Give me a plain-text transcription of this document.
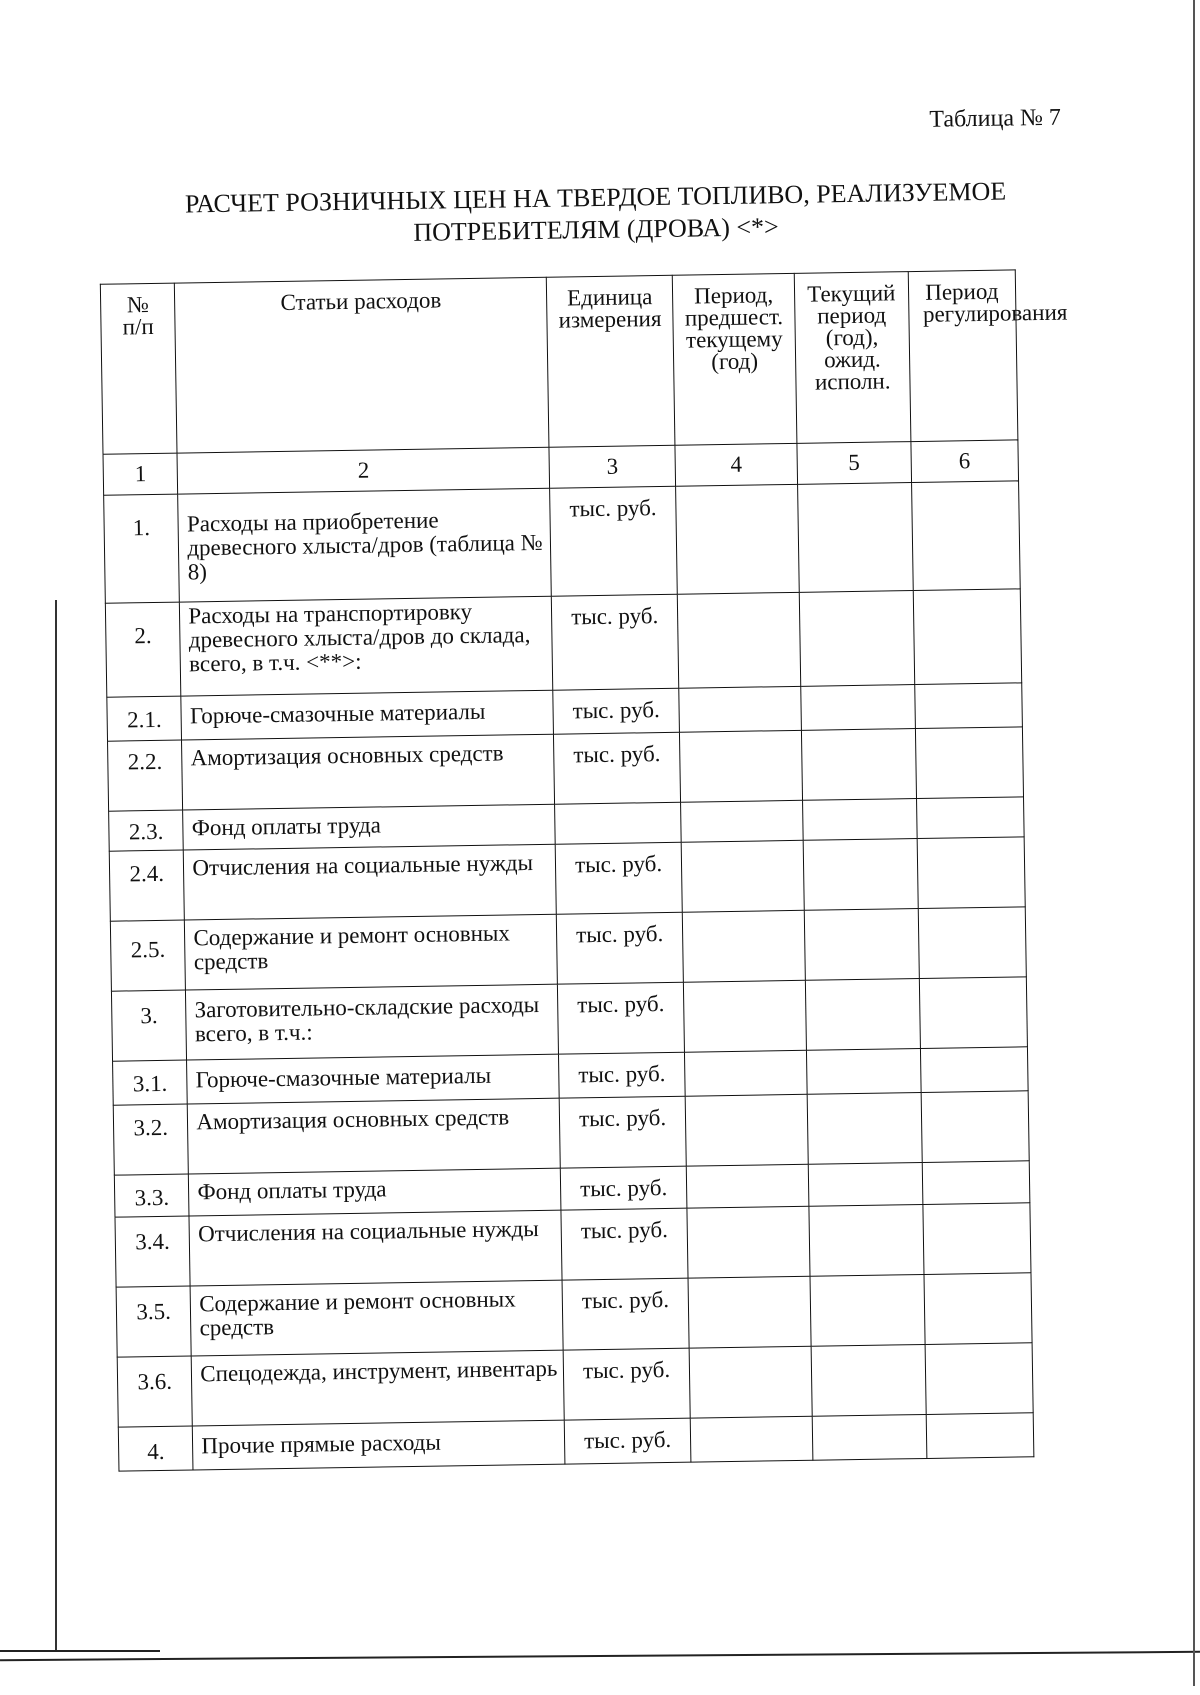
Таблица № 7
РАСЧЕТ РОЗНИЧНЫХ ЦЕН НА ТВЕРДОЕ ТОПЛИВО, РЕАЛИЗУЕМОЕ
ПОТРЕБИТЕЛЯМ (ДРОВА) <*>
№ п/п	Статьи расходов	Единица измерения	Период, предшест. текущему (год)	Текущий период (год), ожид. исполн.	Период регулирования
1	2	3	4	5	6
1.	Расходы на приобретение древесного хлыста/дров (таблица № 8)	тыс. руб.			
2.	Расходы на транспортировку древесного хлыста/дров до склада, всего, в т.ч. <**>:	тыс. руб.			
2.1.	Горюче-смазочные материалы	тыс. руб.			
2.2.	Амортизация основных средств	тыс. руб.			
2.3.	Фонд оплаты труда				
2.4.	Отчисления на социальные нужды	тыс. руб.			
2.5.	Содержание и ремонт основных средств	тыс. руб.			
3.	Заготовительно-складские расходы всего, в т.ч.:	тыс. руб.			
3.1.	Горюче-смазочные материалы	тыс. руб.			
3.2.	Амортизация основных средств	тыс. руб.			
3.3.	Фонд оплаты труда	тыс. руб.			
3.4.	Отчисления на социальные нужды	тыс. руб.			
3.5.	Содержание и ремонт основных средств	тыс. руб.			
3.6.	Спецодежда, инструмент, инвентарь	тыс. руб.			
4.	Прочие прямые расходы	тыс. руб.			
